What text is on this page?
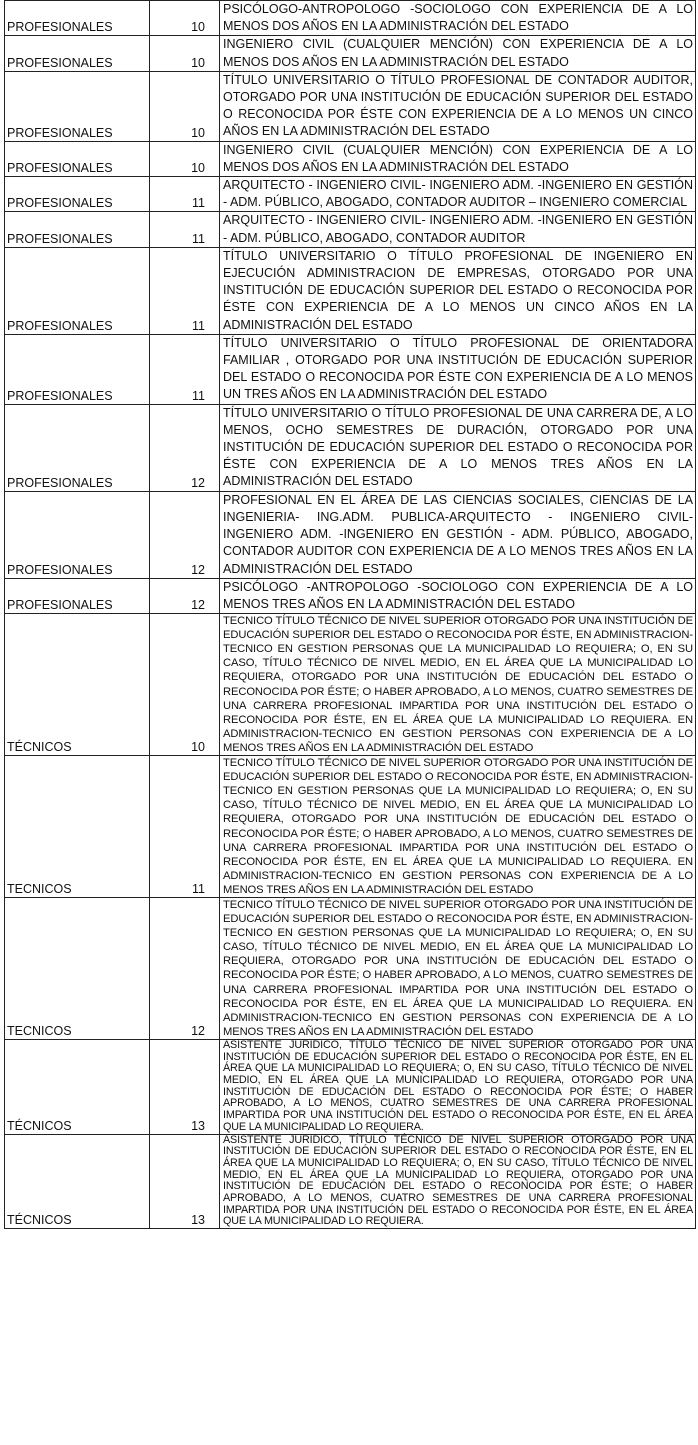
PROFESIONALES	10	PSICÓLOGO-ANTROPOLOGO -SOCIOLOGO CON EXPERIENCIA DE A LO MENOS DOS AÑOS EN LA ADMINISTRACIÓN DEL ESTADO
PROFESIONALES	10	INGENIERO CIVIL (CUALQUIER MENCIÓN) CON EXPERIENCIA DE A LO MENOS DOS AÑOS EN LA ADMINISTRACIÓN DEL ESTADO
PROFESIONALES	10	TÍTULO UNIVERSITARIO O TÍTULO PROFESIONAL DE CONTADOR AUDITOR, OTORGADO POR UNA INSTITUCIÓN DE EDUCACIÓN SUPERIOR DEL ESTADO O RECONOCIDA POR ÉSTE CON EXPERIENCIA DE A LO MENOS UN CINCO AÑOS EN LA ADMINISTRACIÓN DEL ESTADO
PROFESIONALES	10	INGENIERO CIVIL (CUALQUIER MENCIÓN) CON EXPERIENCIA DE A LO MENOS DOS AÑOS EN LA ADMINISTRACIÓN DEL ESTADO
PROFESIONALES	11	ARQUITECTO - INGENIERO CIVIL- INGENIERO ADM. -INGENIERO EN GESTIÓN - ADM. PÚBLICO, ABOGADO, CONTADOR AUDITOR – INGENIERO COMERCIAL
PROFESIONALES	11	ARQUITECTO - INGENIERO CIVIL- INGENIERO ADM. -INGENIERO EN GESTIÓN - ADM. PÚBLICO, ABOGADO, CONTADOR AUDITOR
PROFESIONALES	11	TÍTULO UNIVERSITARIO O TÍTULO PROFESIONAL DE INGENIERO EN EJECUCIÓN ADMINISTRACION DE EMPRESAS, OTORGADO POR UNA INSTITUCIÓN DE EDUCACIÓN SUPERIOR DEL ESTADO O RECONOCIDA POR ÉSTE CON EXPERIENCIA DE A LO MENOS UN CINCO AÑOS EN LA ADMINISTRACIÓN DEL ESTADO
PROFESIONALES	11	TÍTULO UNIVERSITARIO O TÍTULO PROFESIONAL DE ORIENTADORA FAMILIAR , OTORGADO POR UNA INSTITUCIÓN DE EDUCACIÓN SUPERIOR DEL ESTADO O RECONOCIDA POR ÉSTE CON EXPERIENCIA DE A LO MENOS UN TRES AÑOS EN LA ADMINISTRACIÓN DEL ESTADO
PROFESIONALES	12	TÍTULO UNIVERSITARIO O TÍTULO PROFESIONAL DE UNA CARRERA DE, A LO MENOS, OCHO SEMESTRES DE DURACIÓN, OTORGADO POR UNA INSTITUCIÓN DE EDUCACIÓN SUPERIOR DEL ESTADO O RECONOCIDA POR ÉSTE CON EXPERIENCIA DE A LO MENOS TRES AÑOS EN LA ADMINISTRACIÓN DEL ESTADO
PROFESIONALES	12	PROFESIONAL EN EL ÁREA DE LAS CIENCIAS SOCIALES, CIENCIAS DE LA INGENIERIA- ING.ADM. PUBLICA-ARQUITECTO - INGENIERO CIVIL- INGENIERO ADM. -INGENIERO EN GESTIÓN - ADM. PÚBLICO, ABOGADO, CONTADOR AUDITOR CON EXPERIENCIA DE A LO MENOS TRES AÑOS EN LA ADMINISTRACIÓN DEL ESTADO
PROFESIONALES	12	PSICÓLOGO -ANTROPOLOGO -SOCIOLOGO CON EXPERIENCIA DE A LO MENOS TRES AÑOS EN LA ADMINISTRACIÓN DEL ESTADO
TÉCNICOS	10	TECNICO TÍTULO TÉCNICO DE NIVEL SUPERIOR OTORGADO POR UNA INSTITUCIÓN DE EDUCACIÓN SUPERIOR DEL ESTADO O RECONOCIDA POR ÉSTE, EN ADMINISTRACION-TECNICO EN GESTION PERSONAS QUE LA MUNICIPALIDAD LO REQUIERA; O, EN SU CASO, TÍTULO TÉCNICO DE NIVEL MEDIO, EN EL ÁREA QUE LA MUNICIPALIDAD LO REQUIERA, OTORGADO POR UNA INSTITUCIÓN DE EDUCACIÓN DEL ESTADO O RECONOCIDA POR ÉSTE; O HABER APROBADO, A LO MENOS, CUATRO SEMESTRES DE UNA CARRERA PROFESIONAL IMPARTIDA POR UNA INSTITUCIÓN DEL ESTADO O RECONOCIDA POR ÉSTE, EN EL ÁREA QUE LA MUNICIPALIDAD LO REQUIERA. EN ADMINISTRACION-TECNICO EN GESTION PERSONAS CON EXPERIENCIA DE A LO MENOS TRES AÑOS EN LA ADMINISTRACIÓN DEL ESTADO
TECNICOS	11	TECNICO TÍTULO TÉCNICO DE NIVEL SUPERIOR OTORGADO POR UNA INSTITUCIÓN DE EDUCACIÓN SUPERIOR DEL ESTADO O RECONOCIDA POR ÉSTE, EN ADMINISTRACION-TECNICO EN GESTION PERSONAS QUE LA MUNICIPALIDAD LO REQUIERA; O, EN SU CASO, TÍTULO TÉCNICO DE NIVEL MEDIO, EN EL ÁREA QUE LA MUNICIPALIDAD LO REQUIERA, OTORGADO POR UNA INSTITUCIÓN DE EDUCACIÓN DEL ESTADO O RECONOCIDA POR ÉSTE; O HABER APROBADO, A LO MENOS, CUATRO SEMESTRES DE UNA CARRERA PROFESIONAL IMPARTIDA POR UNA INSTITUCIÓN DEL ESTADO O RECONOCIDA POR ÉSTE, EN EL ÁREA QUE LA MUNICIPALIDAD LO REQUIERA. EN ADMINISTRACION-TECNICO EN GESTION PERSONAS CON EXPERIENCIA DE A LO MENOS TRES AÑOS EN LA ADMINISTRACIÓN DEL ESTADO
TECNICOS	12	TECNICO TÍTULO TÉCNICO DE NIVEL SUPERIOR OTORGADO POR UNA INSTITUCIÓN DE EDUCACIÓN SUPERIOR DEL ESTADO O RECONOCIDA POR ÉSTE, EN ADMINISTRACION-TECNICO EN GESTION PERSONAS QUE LA MUNICIPALIDAD LO REQUIERA; O, EN SU CASO, TÍTULO TÉCNICO DE NIVEL MEDIO, EN EL ÁREA QUE LA MUNICIPALIDAD LO REQUIERA, OTORGADO POR UNA INSTITUCIÓN DE EDUCACIÓN DEL ESTADO O RECONOCIDA POR ÉSTE; O HABER APROBADO, A LO MENOS, CUATRO SEMESTRES DE UNA CARRERA PROFESIONAL IMPARTIDA POR UNA INSTITUCIÓN DEL ESTADO O RECONOCIDA POR ÉSTE, EN EL ÁREA QUE LA MUNICIPALIDAD LO REQUIERA. EN ADMINISTRACION-TECNICO EN GESTION PERSONAS CON EXPERIENCIA DE A LO MENOS TRES AÑOS EN LA ADMINISTRACIÓN DEL ESTADO
TÉCNICOS	13	ASISTENTE JURIDICO, TÍTULO TÉCNICO DE NIVEL SUPERIOR OTORGADO POR UNA INSTITUCIÓN DE EDUCACIÓN SUPERIOR DEL ESTADO O RECONOCIDA POR ÉSTE, EN EL ÁREA QUE LA MUNICIPALIDAD LO REQUIERA; O, EN SU CASO, TÍTULO TÉCNICO DE NIVEL MEDIO, EN EL ÁREA QUE LA MUNICIPALIDAD LO REQUIERA, OTORGADO POR UNA INSTITUCIÓN DE EDUCACIÓN DEL ESTADO O RECONOCIDA POR ÉSTE; O HABER APROBADO, A LO MENOS, CUATRO SEMESTRES DE UNA CARRERA PROFESIONAL IMPARTIDA POR UNA INSTITUCIÓN DEL ESTADO O RECONOCIDA POR ÉSTE, EN EL ÁREA QUE LA MUNICIPALIDAD LO REQUIERA.
TÉCNICOS	13	ASISTENTE JURIDICO, TÍTULO TÉCNICO DE NIVEL SUPERIOR OTORGADO POR UNA INSTITUCIÓN DE EDUCACIÓN SUPERIOR DEL ESTADO O RECONOCIDA POR ÉSTE, EN EL ÁREA QUE LA MUNICIPALIDAD LO REQUIERA; O, EN SU CASO, TÍTULO TÉCNICO DE NIVEL MEDIO, EN EL ÁREA QUE LA MUNICIPALIDAD LO REQUIERA, OTORGADO POR UNA INSTITUCIÓN DE EDUCACIÓN DEL ESTADO O RECONOCIDA POR ÉSTE; O HABER APROBADO, A LO MENOS, CUATRO SEMESTRES DE UNA CARRERA PROFESIONAL IMPARTIDA POR UNA INSTITUCIÓN DEL ESTADO O RECONOCIDA POR ÉSTE, EN EL ÁREA QUE LA MUNICIPALIDAD LO REQUIERA.
